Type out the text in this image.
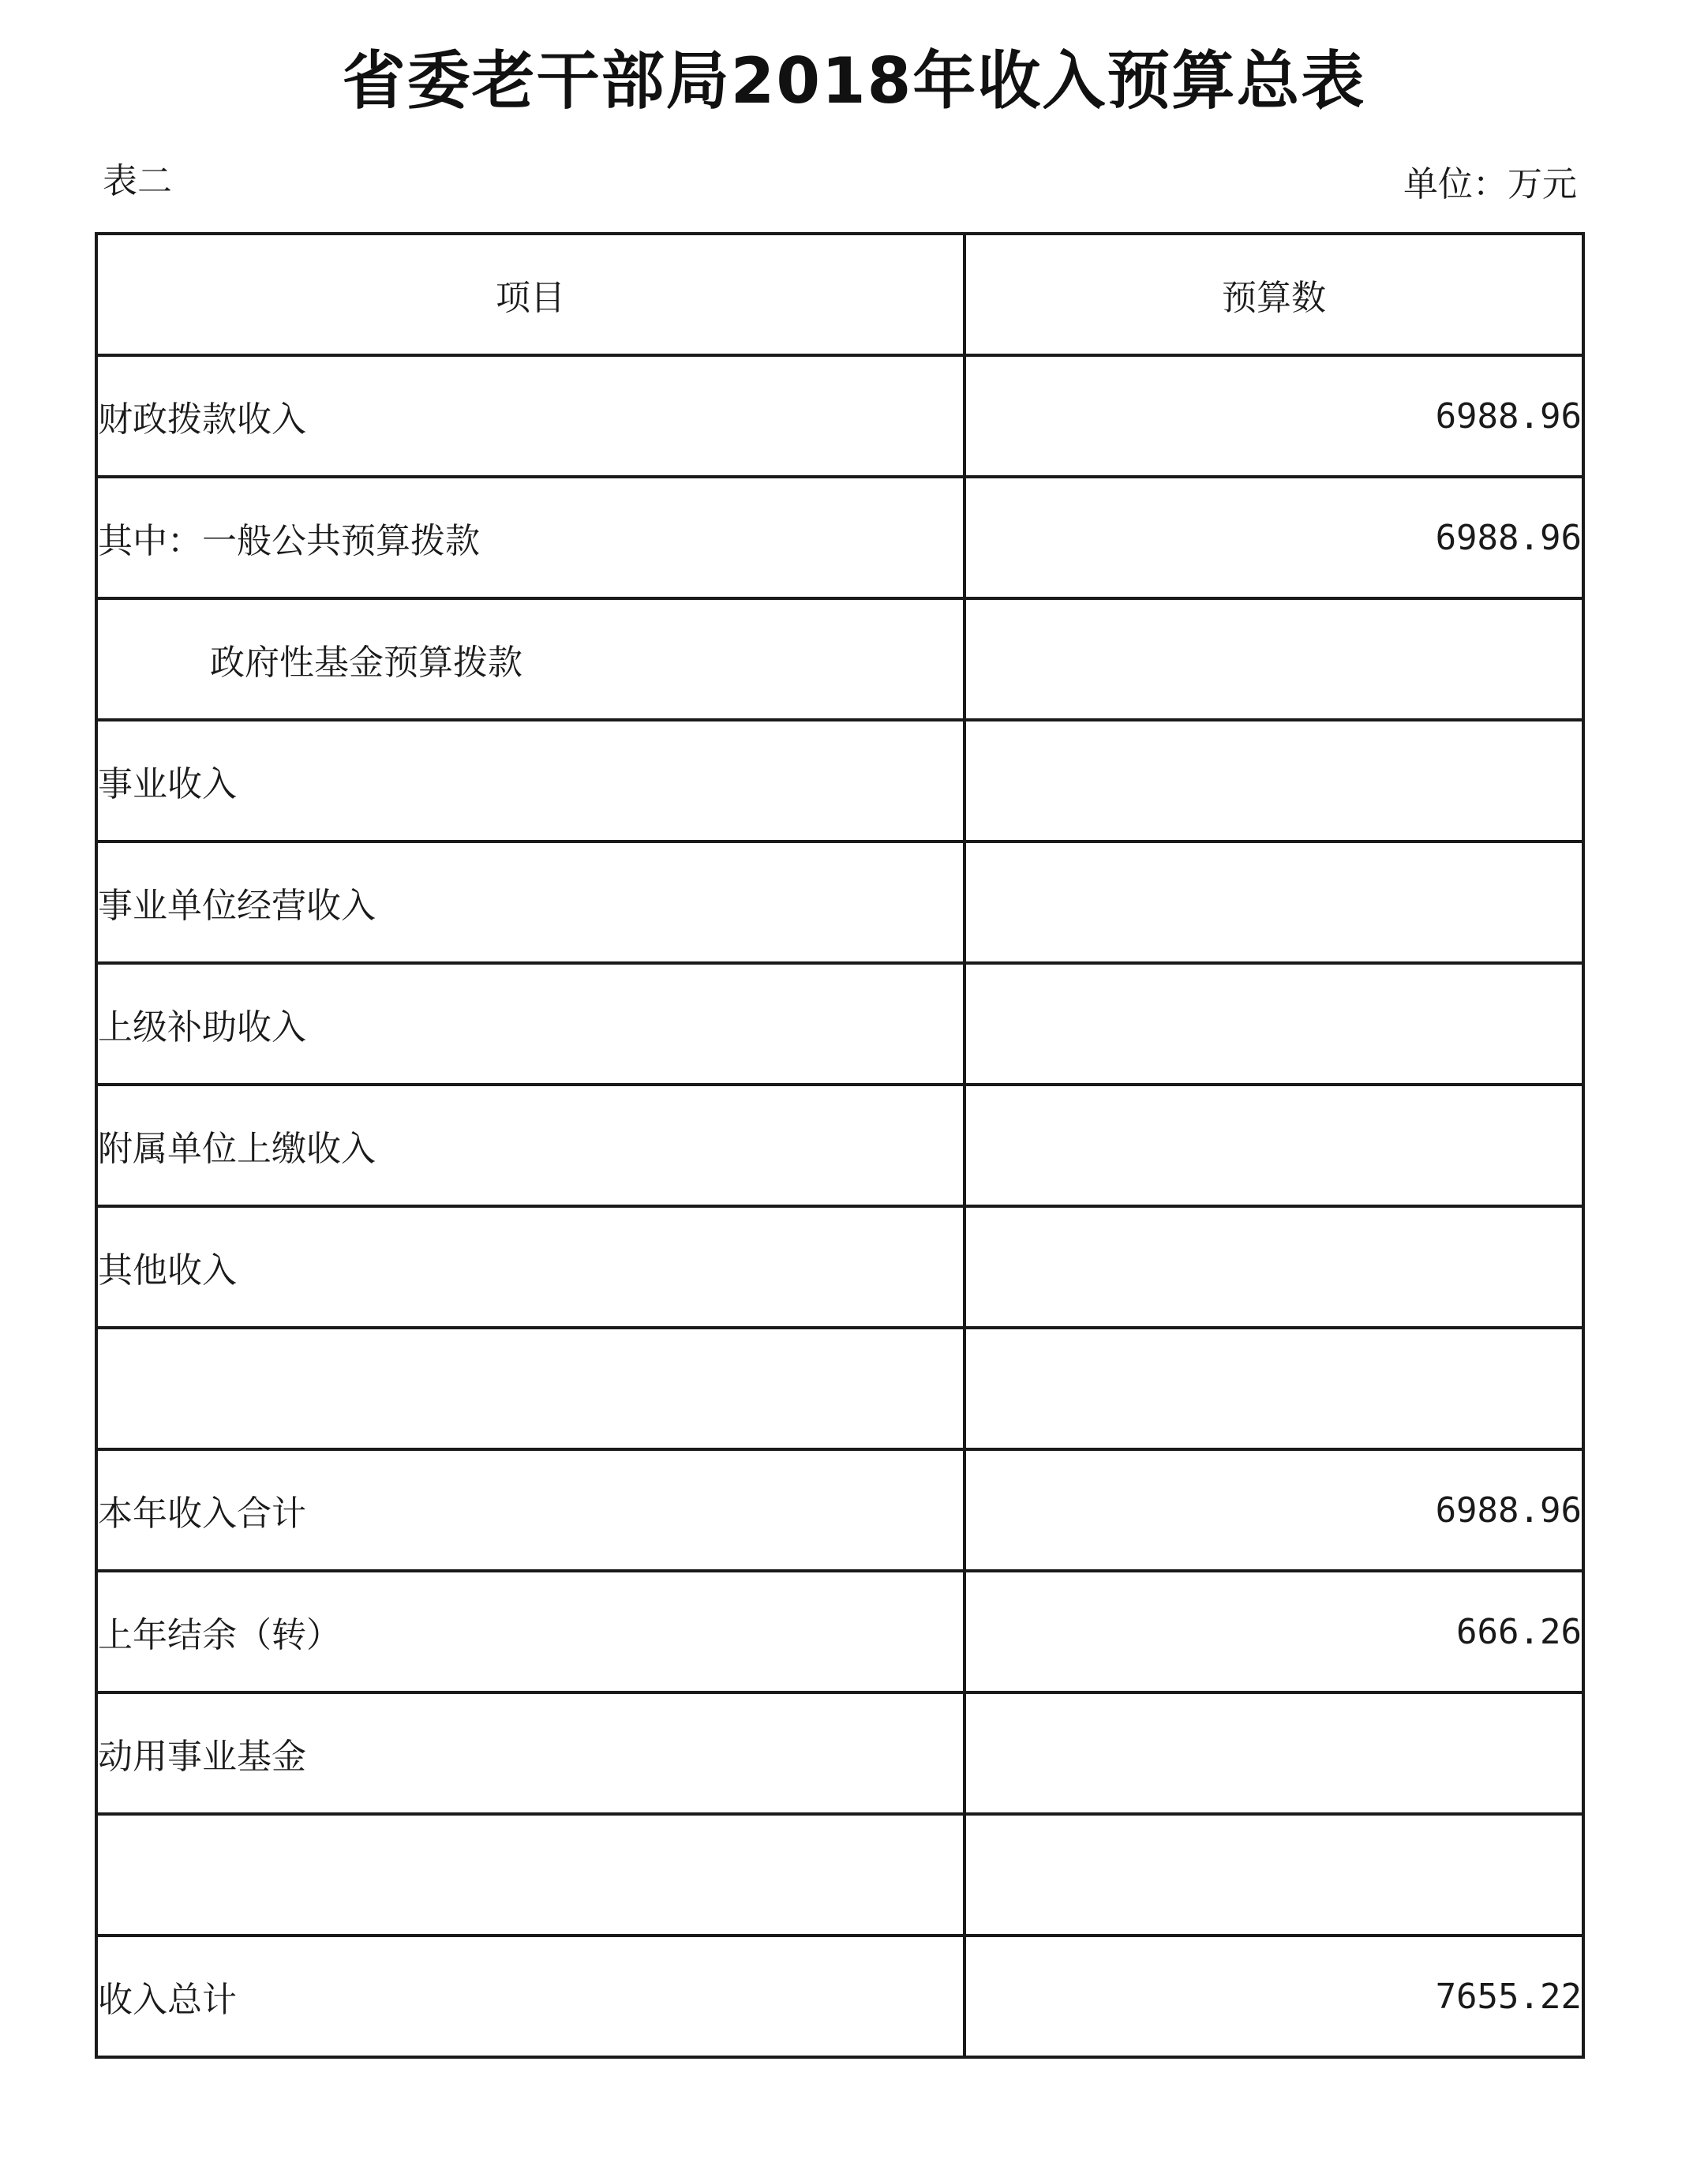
省委老干部局2018年收入预算总表
表二	单位：万元
项目	预算数
财政拨款收入	6988.96
其中：一般公共预算拨款	6988.96
政府性基金预算拨款	
事业收入	
事业单位经营收入	
上级补助收入	
附属单位上缴收入	
其他收入	

本年收入合计	6988.96
上年结余（转）	666.26
动用事业基金	

收入总计	7655.22
